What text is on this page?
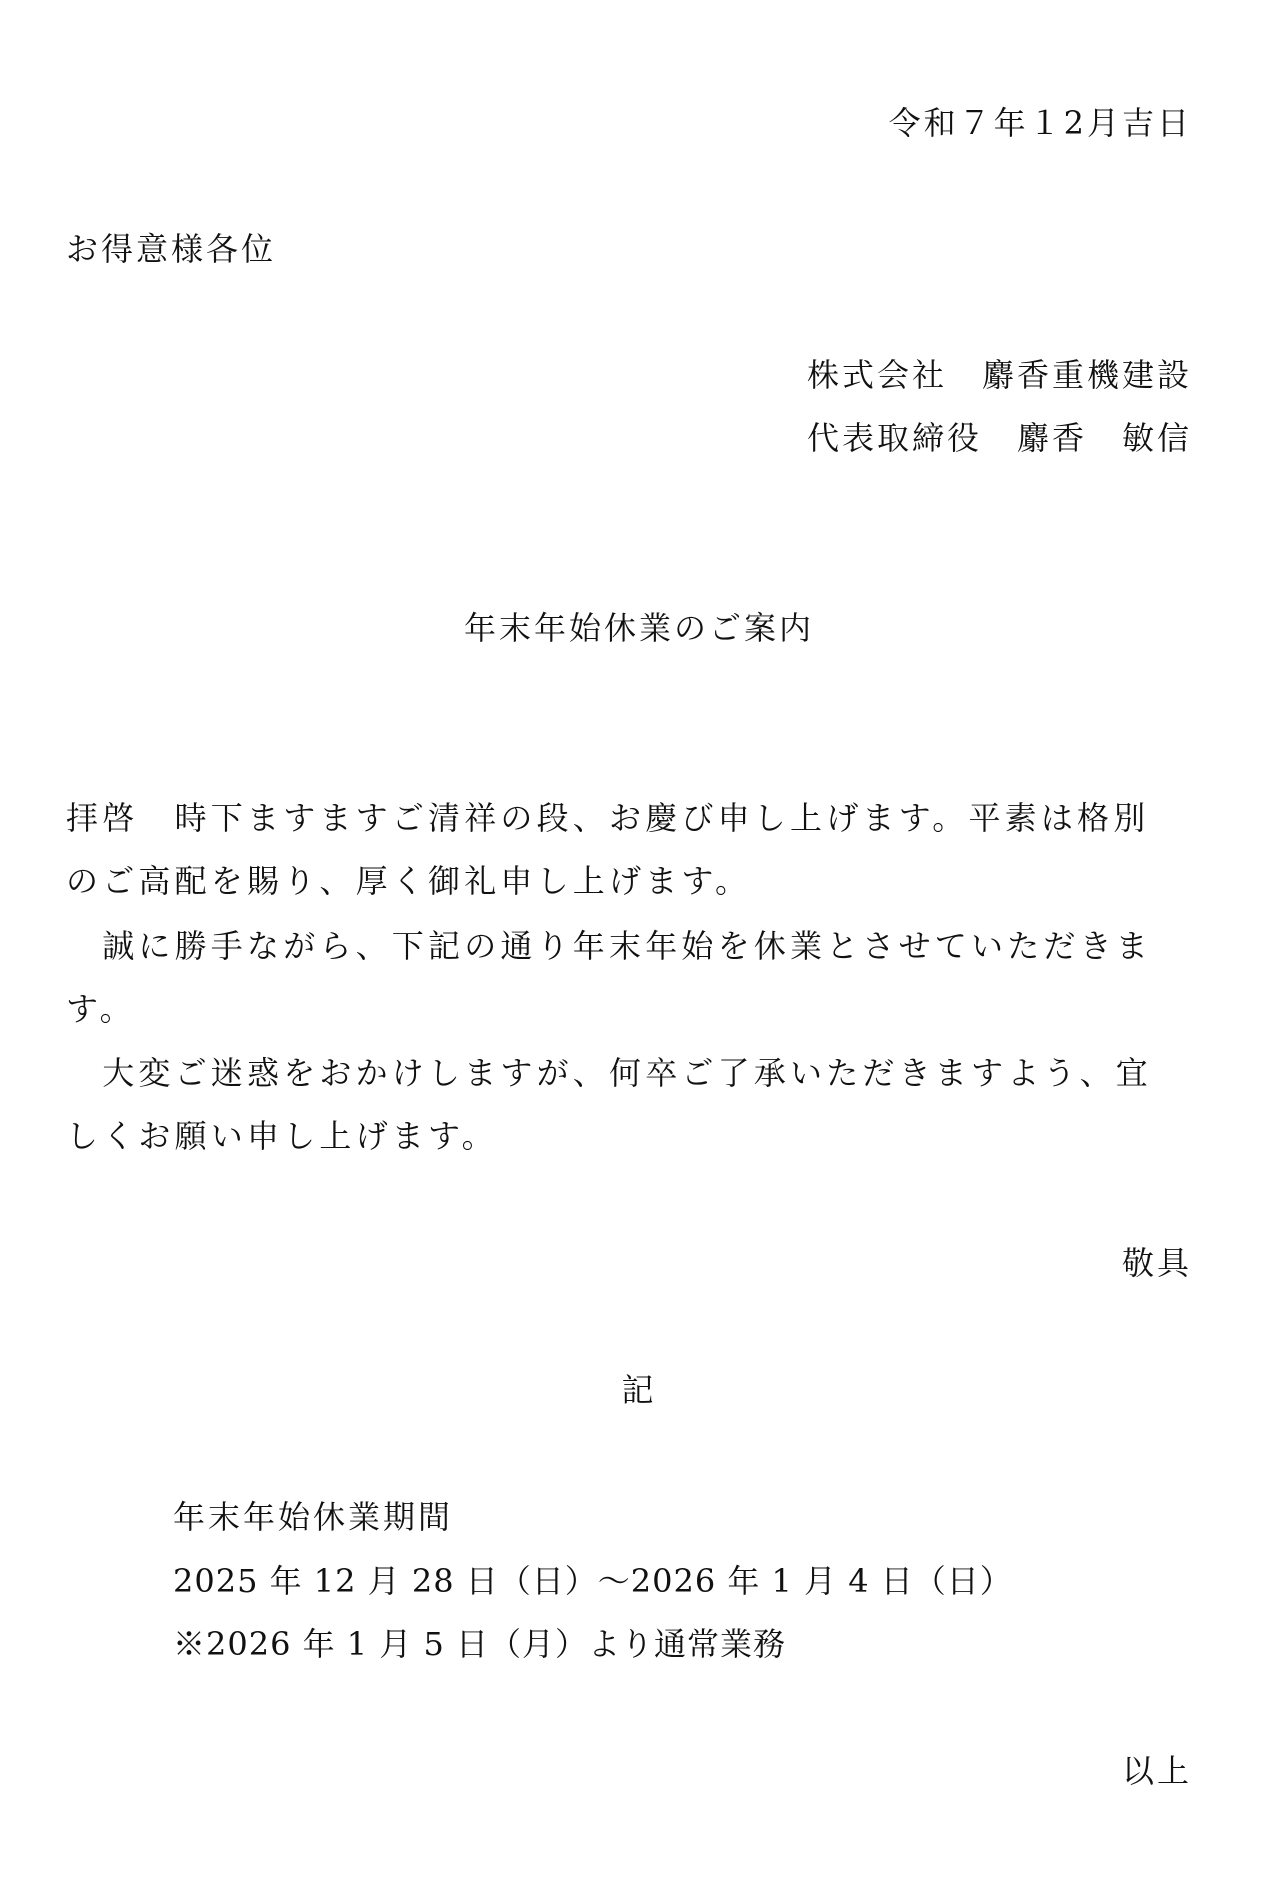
令和７年１2月吉日
お得意様各位
株式会社　麝香重機建設
代表取締役　麝香　敏信
年末年始休業のご案内
拝啓　時下ますますご清祥の段、お慶び申し上げます。平素は格別
のご高配を賜り、厚く御礼申し上げます。
　誠に勝手ながら、下記の通り年末年始を休業とさせていただきま
す。
　大変ご迷惑をおかけしますが、何卒ご了承いただきますよう、宜
しくお願い申し上げます。
敬具
記
年末年始休業期間
2025 年 12 月 28 日（日）～2026 年 1 月 4 日（日）
※2026 年 1 月 5 日（月）より通常業務
以上
